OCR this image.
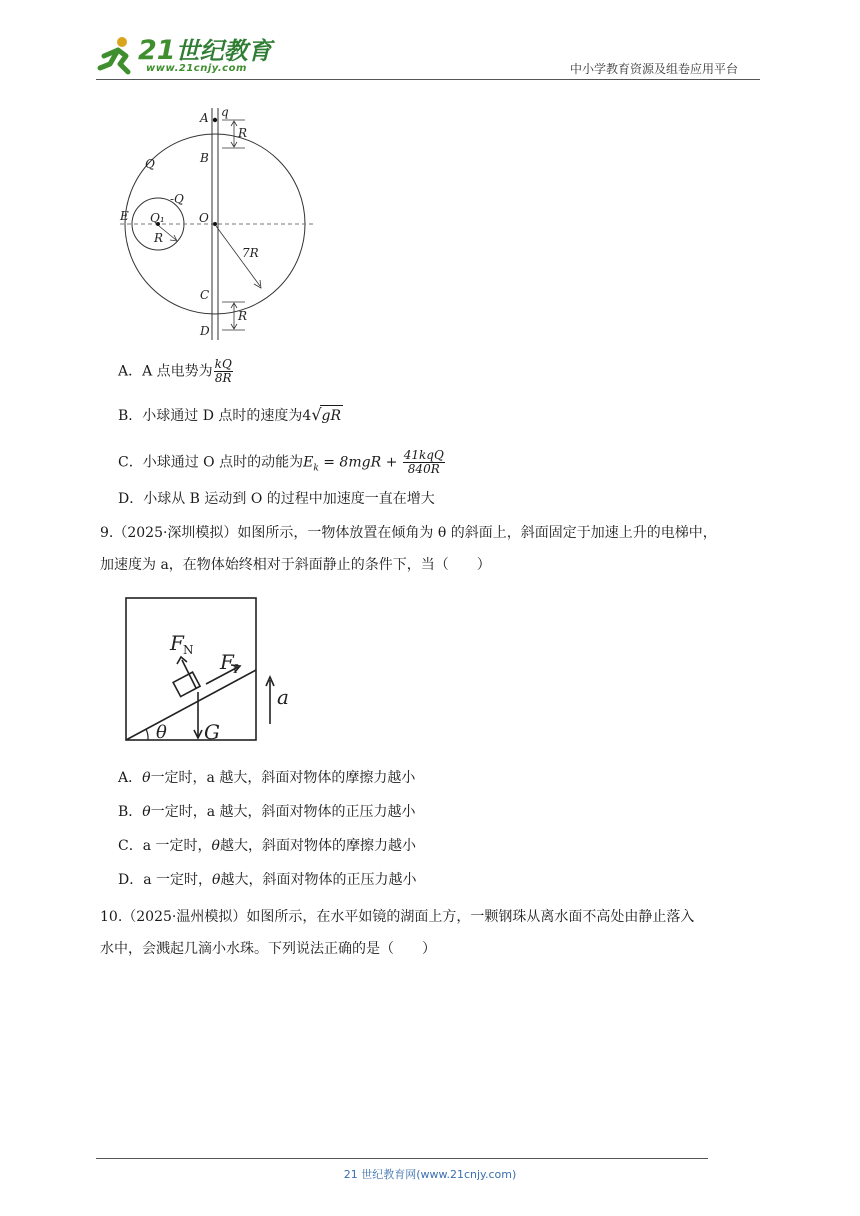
21世纪教育
www.21cnjy.com	中小学教育资源及组卷应用平台
A q
R
B
Q
-Q
E Q₁	O
R
7R
C
R
D
A．A 点电势为 $\frac{kQ}{8R}$
B．小球通过 D 点时的速度为4√gR
C．小球通过 O 点时的动能为$E_k = 8mgR + \frac{\text{41kqQ}}{840R}$
D．小球从 B 运动到 O 的过程中加速度一直在增大
9.（2025·深圳模拟）如图所示，一物体放置在倾角为 θ 的斜面上，斜面固定于加速上升的电梯中，
加速度为 a，在物体始终相对于斜面静止的条件下，当（　　）
F N F f
G
θ
a
A．θ一定时，a 越大，斜面对物体的摩擦力越小
B．θ一定时，a 越大，斜面对物体的正压力越小
C．a 一定时，θ越大，斜面对物体的摩擦力越小
D．a 一定时，θ越大，斜面对物体的正压力越小
10.（2025·温州模拟）如图所示，在水平如镜的湖面上方，一颗钢珠从离水面不高处由静止落入
水中，会溅起几滴小水珠。下列说法正确的是（　　）
21 世纪教育网(www.21cnjy.com)
